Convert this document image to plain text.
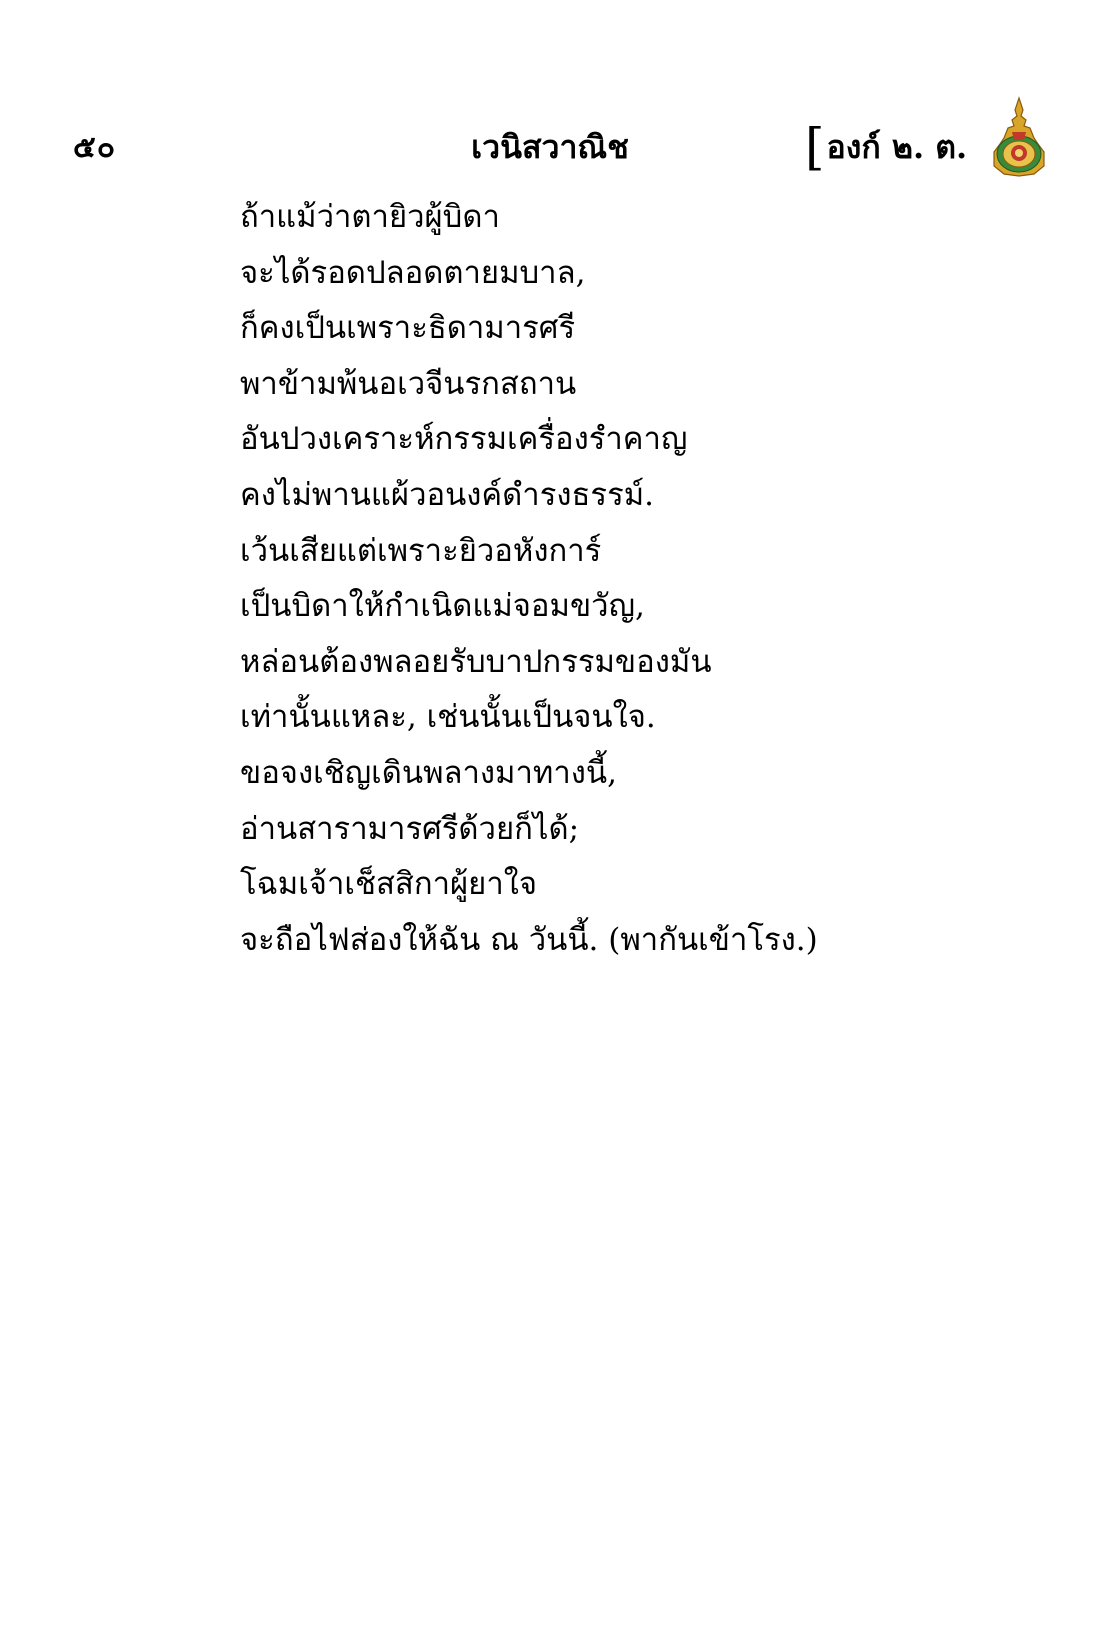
๕๐	เวนิสวาณิช	[องก์ ๒. ต.
ถ้าแม้ว่าตายิวผู้บิดา
จะได้รอดปลอดตายมบาล,
ก็คงเป็นเพราะธิดามารศรี
พาข้ามพ้นอเวจีนรกสถาน
อันปวงเคราะห์กรรมเครื่องรำคาญ
คงไม่พานแผ้วอนงค์ดำรงธรรม์.
เว้นเสียแต่เพราะยิวอหังการ์
เป็นบิดาให้กำเนิดแม่จอมขวัญ,
หล่อนต้องพลอยรับบาปกรรมของมัน
เท่านั้นแหละ, เช่นนั้นเป็นจนใจ.
ขอจงเชิญเดินพลางมาทางนี้,
อ่านสารามารศรีด้วยก็ได้;
โฉมเจ้าเช็สสิกาผู้ยาใจ
จะถือไฟส่องให้ฉัน ณ วันนี้. (พากันเข้าโรง.)
